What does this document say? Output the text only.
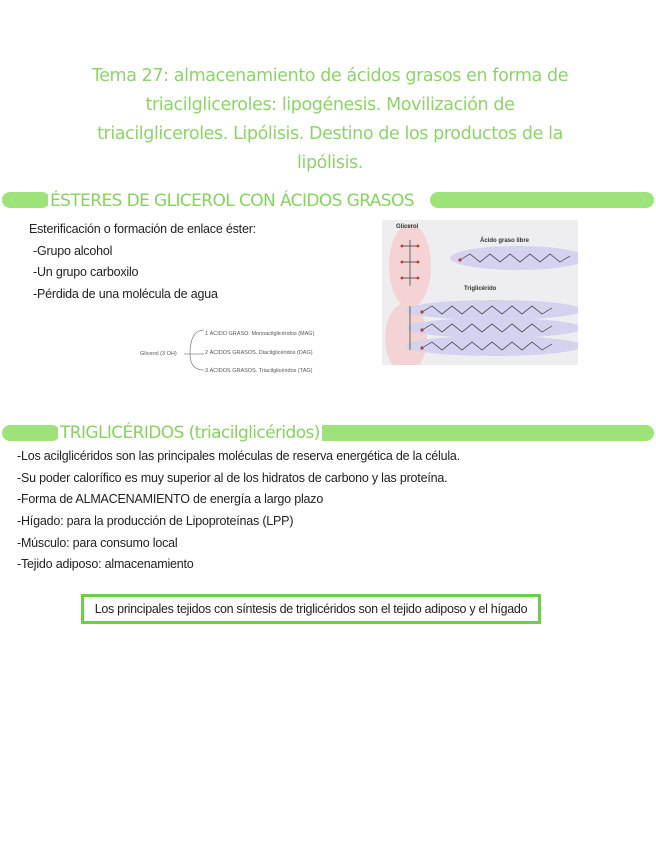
Tema 27: almacenamiento de ácidos grasos en forma de
triacilgliceroles: lipogénesis. Movilización de
triacilgliceroles. Lipólisis. Destino de los productos de la
lipólisis.
ÉSTERES DE GLICEROL CON ÁCIDOS GRASOS
Esterificación o formación de enlace éster:
-Grupo alcohol
-Un grupo carboxilo
-Pérdida de una molécula de agua
Glicerol (3 OH)
1 ÁCIDO GRASO. Monoacilglicéridos (MAG)
2 ÁCIDOS GRASOS. Diacilglicéridos (DAG)
3 ÁCIDOS GRASOS. Triacilglicéridos (TAG)
Glicerol
Ácido graso libre
Triglicérido
TRIGLICÉRIDOS (triacilglicéridos)
-Los acilglicéridos son las principales moléculas de reserva energética de la célula.
-Su poder calorífico es muy superior al de los hidratos de carbono y las proteína.
-Forma de ALMACENAMIENTO de energía a largo plazo
-Hígado: para la producción de Lipoproteínas (LPP)
-Músculo: para consumo local
-Tejido adiposo: almacenamiento
Los principales tejidos con síntesis de triglicéridos son el tejido adiposo y el hígado
